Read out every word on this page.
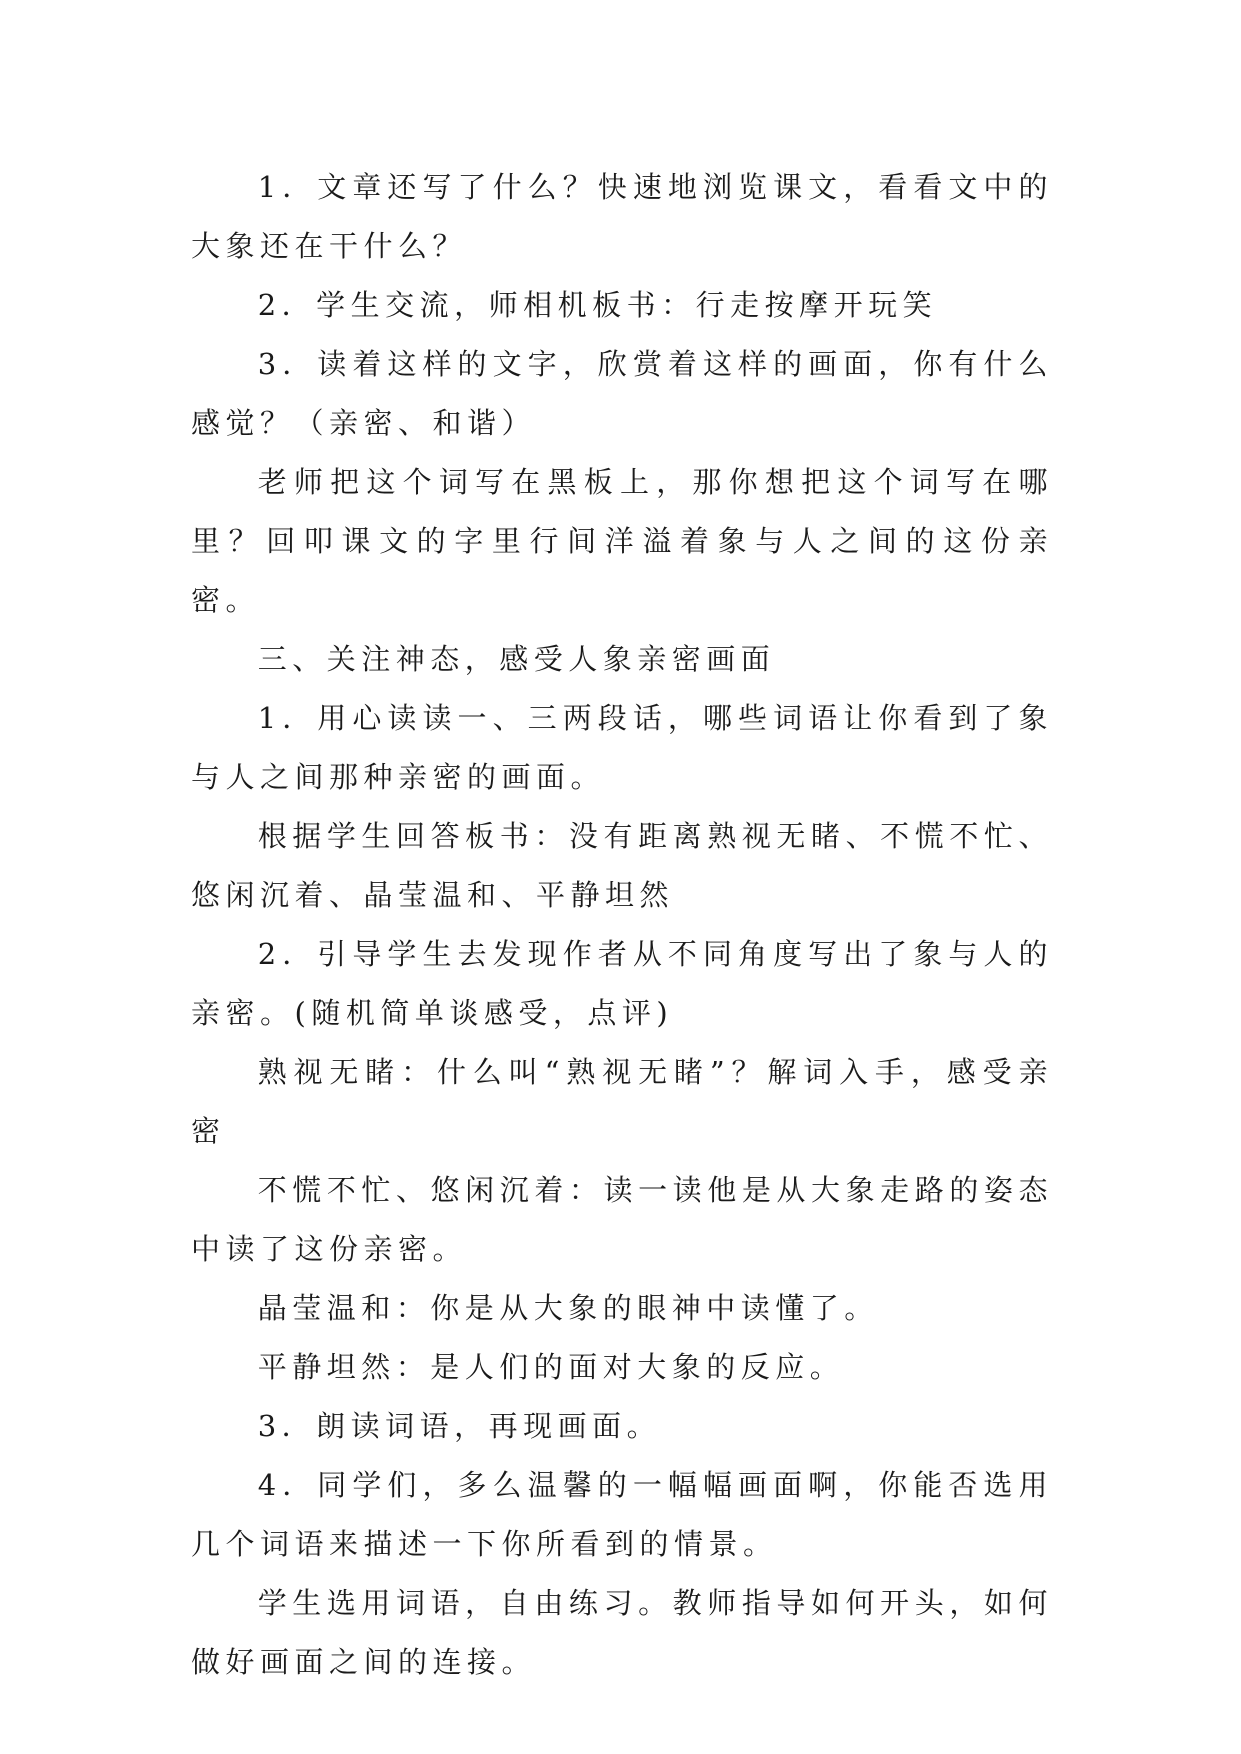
1．文章还写了什么？快速地浏览课文，看看文中的大象还在干什么？

2．学生交流，师相机板书：行走按摩开玩笑

3．读着这样的文字，欣赏着这样的画面，你有什么感觉？（亲密、和谐）

老师把这个词写在黑板上，那你想把这个词写在哪里？回叩课文的字里行间洋溢着象与人之间的这份亲密。

三、关注神态，感受人象亲密画面

1．用心读读一、三两段话，哪些词语让你看到了象与人之间那种亲密的画面。

根据学生回答板书：没有距离熟视无睹、不慌不忙、悠闲沉着、晶莹温和、平静坦然

2．引导学生去发现作者从不同角度写出了象与人的亲密。(随机简单谈感受，点评)

熟视无睹：什么叫“熟视无睹”？解词入手，感受亲密

不慌不忙、悠闲沉着：读一读他是从大象走路的姿态中读了这份亲密。

晶莹温和：你是从大象的眼神中读懂了。

平静坦然：是人们的面对大象的反应。

3．朗读词语，再现画面。

4．同学们，多么温馨的一幅幅画面啊，你能否选用几个词语来描述一下你所看到的情景。

学生选用词语，自由练习。教师指导如何开头，如何做好画面之间的连接。
